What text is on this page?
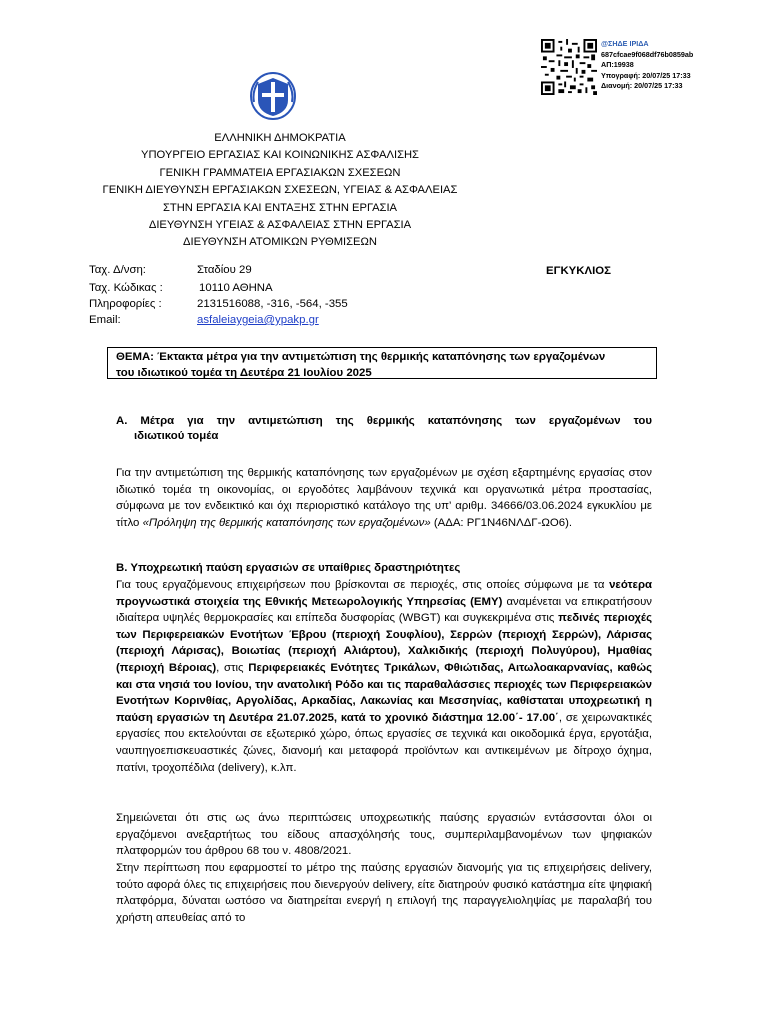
@ΣΗΔΕ ΙΡΙΔΑ
687cfcae9f068df76b0859ab
ΑΠ:19938
Υπογραφή: 20/07/25 17:33
Διανομή: 20/07/25 17:33
ΕΛΛΗΝΙΚΗ ΔΗΜΟΚΡΑΤΙΑ
ΥΠΟΥΡΓΕΙΟ ΕΡΓΑΣΙΑΣ ΚΑΙ ΚΟΙΝΩΝΙΚΗΣ ΑΣΦΑΛΙΣΗΣ
ΓΕΝΙΚΗ ΓΡΑΜΜΑΤΕΙΑ ΕΡΓΑΣΙΑΚΩΝ ΣΧΕΣΕΩΝ
ΓΕΝΙΚΗ ΔΙΕΥΘΥΝΣΗ ΕΡΓΑΣΙΑΚΩΝ ΣΧΕΣΕΩΝ, ΥΓΕΙΑΣ & ΑΣΦΑΛΕΙΑΣ
ΣΤΗΝ ΕΡΓΑΣΙΑ ΚΑΙ ΕΝΤΑΞΗΣ ΣΤΗΝ ΕΡΓΑΣΙΑ
ΔΙΕΥΘΥΝΣΗ ΥΓΕΙΑΣ & ΑΣΦΑΛΕΙΑΣ ΣΤΗΝ ΕΡΓΑΣΙΑ
ΔΙΕΥΘΥΝΣΗ ΑΤΟΜΙΚΩΝ ΡΥΘΜΙΣΕΩΝ
Ταχ. Δ/νση:	Σταδίου 29
Ταχ. Κώδικας :	10110 ΑΘΗΝΑ
Πληροφορίες :	2131516088, -316, -564, -355
Email:	asfaleiaygeia@ypakp.gr
ΕΓΚΥΚΛΙΟΣ
ΘΕΜΑ: Έκτακτα μέτρα για την αντιμετώπιση της θερμικής καταπόνησης των εργαζομένων
του ιδιωτικού τομέα τη Δευτέρα 21 Ιουλίου 2025
Α. Μέτρα για την αντιμετώπιση της θερμικής καταπόνησης των εργαζομένων του
ιδιωτικού τομέα
Για την αντιμετώπιση της θερμικής καταπόνησης των εργαζομένων με σχέση εξαρτημένης εργασίας στον ιδιωτικό τομέα τη οικονομίας, οι εργοδότες λαμβάνουν τεχνικά και οργανωτικά μέτρα προστασίας, σύμφωνα με τον ενδεικτικό και όχι περιοριστικό κατάλογο της υπ’ αριθμ. 34666/03.06.2024 εγκυκλίου με τίτλο «Πρόληψη της θερμικής καταπόνησης των εργαζομένων» (ΑΔΑ: ΡΓ1Ν46ΝΛΔΓ-ΩΟ6).
Β. Υποχρεωτική παύση εργασιών σε υπαίθριες δραστηριότητες
Για τους εργαζόμενους επιχειρήσεων που βρίσκονται σε περιοχές, στις οποίες σύμφωνα με τα νεότερα προγνωστικά στοιχεία της Εθνικής Μετεωρολογικής Υπηρεσίας (ΕΜΥ) αναμένεται να επικρατήσουν ιδιαίτερα υψηλές θερμοκρασίες και επίπεδα δυσφορίας (WBGT) και συγκεκριμένα στις πεδινές περιοχές των Περιφερειακών Ενοτήτων Έβρου (περιοχή Σουφλίου), Σερρών (περιοχή Σερρών), Λάρισας (περιοχή Λάρισας), Βοιωτίας (περιοχή Αλιάρτου), Χαλκιδικής (περιοχή Πολυγύρου), Ημαθίας (περιοχή Βέροιας), στις Περιφερειακές Ενότητες Τρικάλων, Φθιώτιδας, Αιτωλοακαρνανίας, καθώς και στα νησιά του Ιονίου, την ανατολική Ρόδο και τις παραθαλάσσιες περιοχές των Περιφερειακών Ενοτήτων Κορινθίας, Αργολίδας, Αρκαδίας, Λακωνίας και Μεσσηνίας, καθίσταται υποχρεωτική η παύση εργασιών τη Δευτέρα 21.07.2025, κατά το χρονικό διάστημα 12.00΄- 17.00΄, σε χειρωνακτικές εργασίες που εκτελούνται σε εξωτερικό χώρο, όπως εργασίες σε τεχνικά και οικοδομικά έργα, εργοτάξια, ναυπηγοεπισκευαστικές ζώνες, διανομή και μεταφορά προϊόντων και αντικειμένων με δίτροχο όχημα, πατίνι, τροχοπέδιλα (delivery), κ.λπ.
Σημειώνεται ότι στις ως άνω περιπτώσεις υποχρεωτικής παύσης εργασιών εντάσσονται όλοι οι εργαζόμενοι ανεξαρτήτως του είδους απασχόλησής τους, συμπεριλαμβανομένων των ψηφιακών πλατφορμών του άρθρου 68 του ν. 4808/2021.
Στην περίπτωση που εφαρμοστεί το μέτρο της παύσης εργασιών διανομής για τις επιχειρήσεις delivery, τούτο αφορά όλες τις επιχειρήσεις που διενεργούν delivery, είτε διατηρούν φυσικό κατάστημα είτε ψηφιακή πλατφόρμα, δύναται ωστόσο να διατηρείται ενεργή η επιλογή της παραγγελιοληψίας με παραλαβή του χρήστη απευθείας από το
